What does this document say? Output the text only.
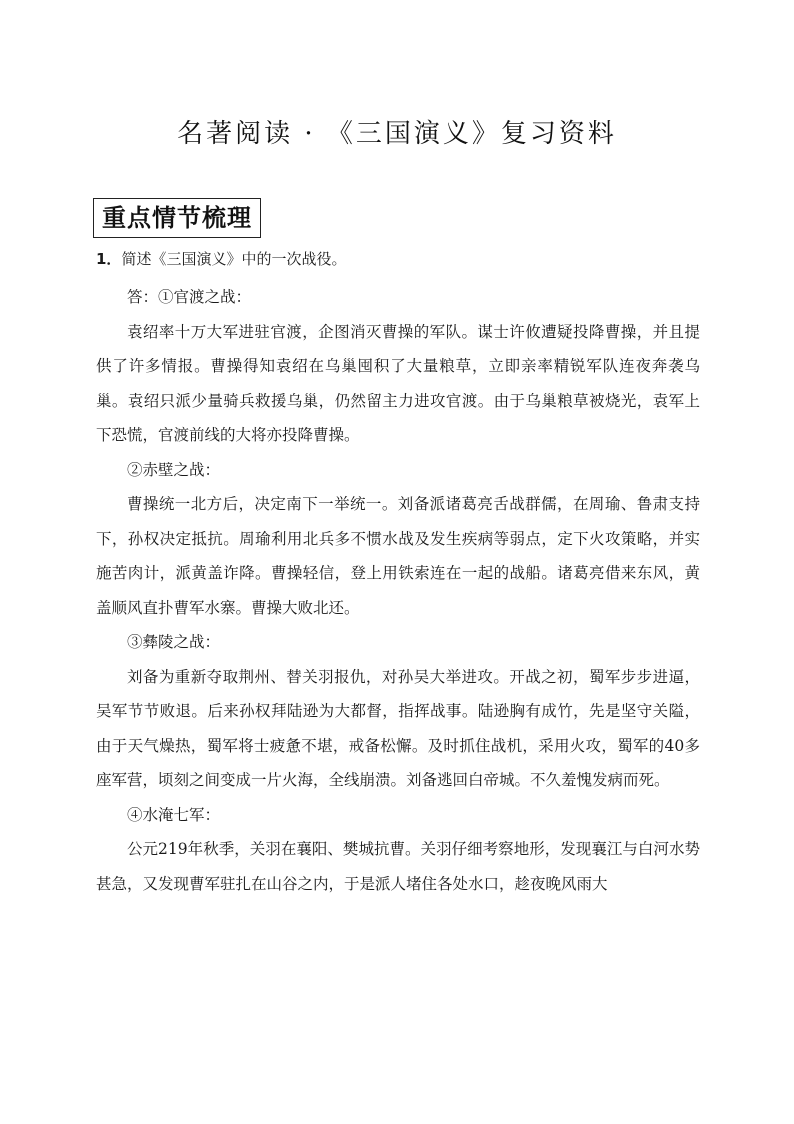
名著阅读 · 《三国演义》复习资料
重点情节梳理
1．简述《三国演义》中的一次战役。

答：①官渡之战：

袁绍率十万大军进驻官渡，企图消灭曹操的军队。谋士许攸遭疑投降曹操，并且提供了许多情报。曹操得知袁绍在乌巢囤积了大量粮草，立即亲率精锐军队连夜奔袭乌巢。袁绍只派少量骑兵救援乌巢，仍然留主力进攻官渡。由于乌巢粮草被烧光，袁军上下恐慌，官渡前线的大将亦投降曹操。

②赤壁之战：

曹操统一北方后，决定南下一举统一。刘备派诸葛亮舌战群儒，在周瑜、鲁肃支持下，孙权决定抵抗。周瑜利用北兵多不惯水战及发生疾病等弱点，定下火攻策略，并实施苦肉计，派黄盖诈降。曹操轻信，登上用铁索连在一起的战船。诸葛亮借来东风，黄盖顺风直扑曹军水寨。曹操大败北还。

③彝陵之战：

刘备为重新夺取荆州、替关羽报仇，对孙吴大举进攻。开战之初，蜀军步步进逼，吴军节节败退。后来孙权拜陆逊为大都督，指挥战事。陆逊胸有成竹，先是坚守关隘，由于天气燥热，蜀军将士疲惫不堪，戒备松懈。及时抓住战机，采用火攻，蜀军的40多座军营，顷刻之间变成一片火海，全线崩溃。刘备逃回白帝城。不久羞愧发病而死。

④水淹七军：

公元219年秋季，关羽在襄阳、樊城抗曹。关羽仔细考察地形，发现襄江与白河水势甚急，又发现曹军驻扎在山谷之内，于是派人堵住各处水口，趁夜晚风雨大
